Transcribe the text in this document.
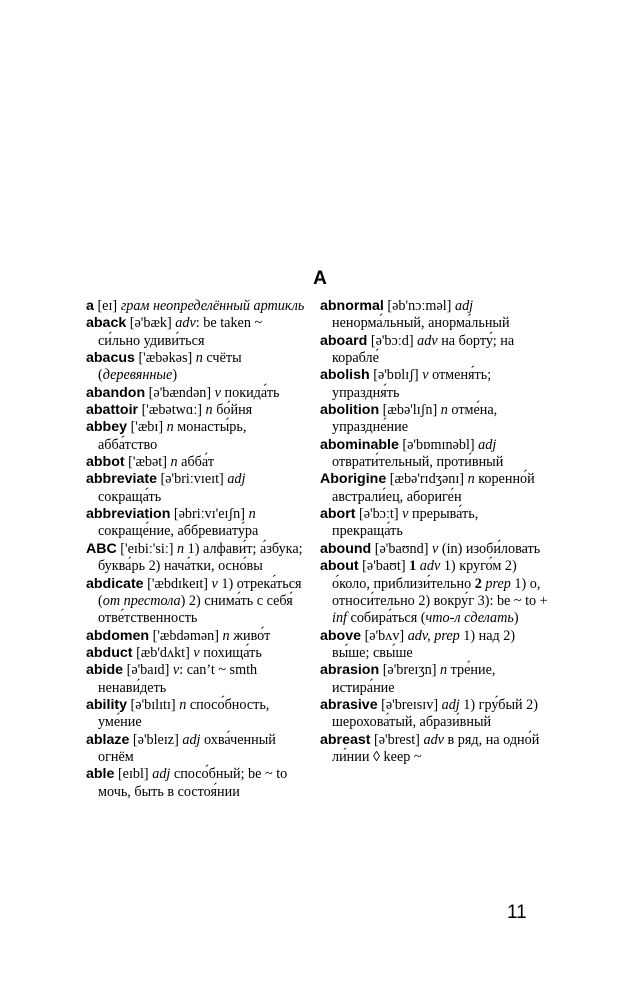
A

a [eɪ] грам неопределённый артикль

aback [ə'bæk] adv: be taken ~ си́льно удиви́ться

abacus ['æbəkəs] n счёты (деревянные)

abandon [ə'bændən] v покида́ть

abattoir ['æbətwɑː] n бо́йня

abbey ['æbɪ] n монасты́рь, абба́тство

abbot ['æbət] n абба́т

abbreviate [ə'briːvɪeɪt] adj сокраща́ть

abbreviation [əbriːvɪ'eɪʃn] n сокраще́ние, аббревиату́ра

ABC ['eɪbiː'siː] n 1) алфави́т; а́збука; буква́рь 2) нача́тки, осно́вы

abdicate ['æbdɪkeɪt] v 1) отрека́ться (от престола) 2) снима́ть с себя́ отве́тственность

abdomen ['æbdəmən] n живо́т

abduct [æb'dʌkt] v похища́ть

abide [ə'baɪd] v: can’t ~ smth ненави́деть

ability [ə'bɪlɪtɪ] n спосо́бность, уме́ние

ablaze [ə'bleɪz] adj охва́ченный огнём

able [eɪbl] adj спосо́бный; be ~ to мочь, быть в состоя́нии

abnormal [əb'nɔːməl] adj ненорма́льный, анорма́льный

aboard [ə'bɔːd] adv на борту́; на корабле́

abolish [ə'bɒlɪʃ] v отменя́ть; упраздня́ть

abolition [æbə'lɪʃn] n отме́на, упраздне́ние

abominable [ə'bɒmɪnəbl] adj отврати́тельный, проти́вный

Aborigine [æbə'rɪdʒənɪ] n коренно́й австрали́ец, абориге́н

abort [ə'bɔːt] v прерыва́ть, прекраща́ть

abound [ə'baʊnd] v (in) изоби́ловать

about [ə'baʊt] 1 adv 1) круго́м 2) о́коло, приблизи́тельно 2 prep 1) о, относи́тельно 2) вокру́г 3): be ~ to + inf собира́ться (что-л сделать)

above [ə'bʌv] adv, prep 1) над 2) вы́ше; свы́ше

abrasion [ə'breɪʒn] n тре́ние, истира́ние

abrasive [ə'breɪsɪv] adj 1) гру́бый 2) шерохова́тый, абрази́вный

abreast [ə'brest] adv в ряд, на одно́й ли́нии ◊ keep ~

11
